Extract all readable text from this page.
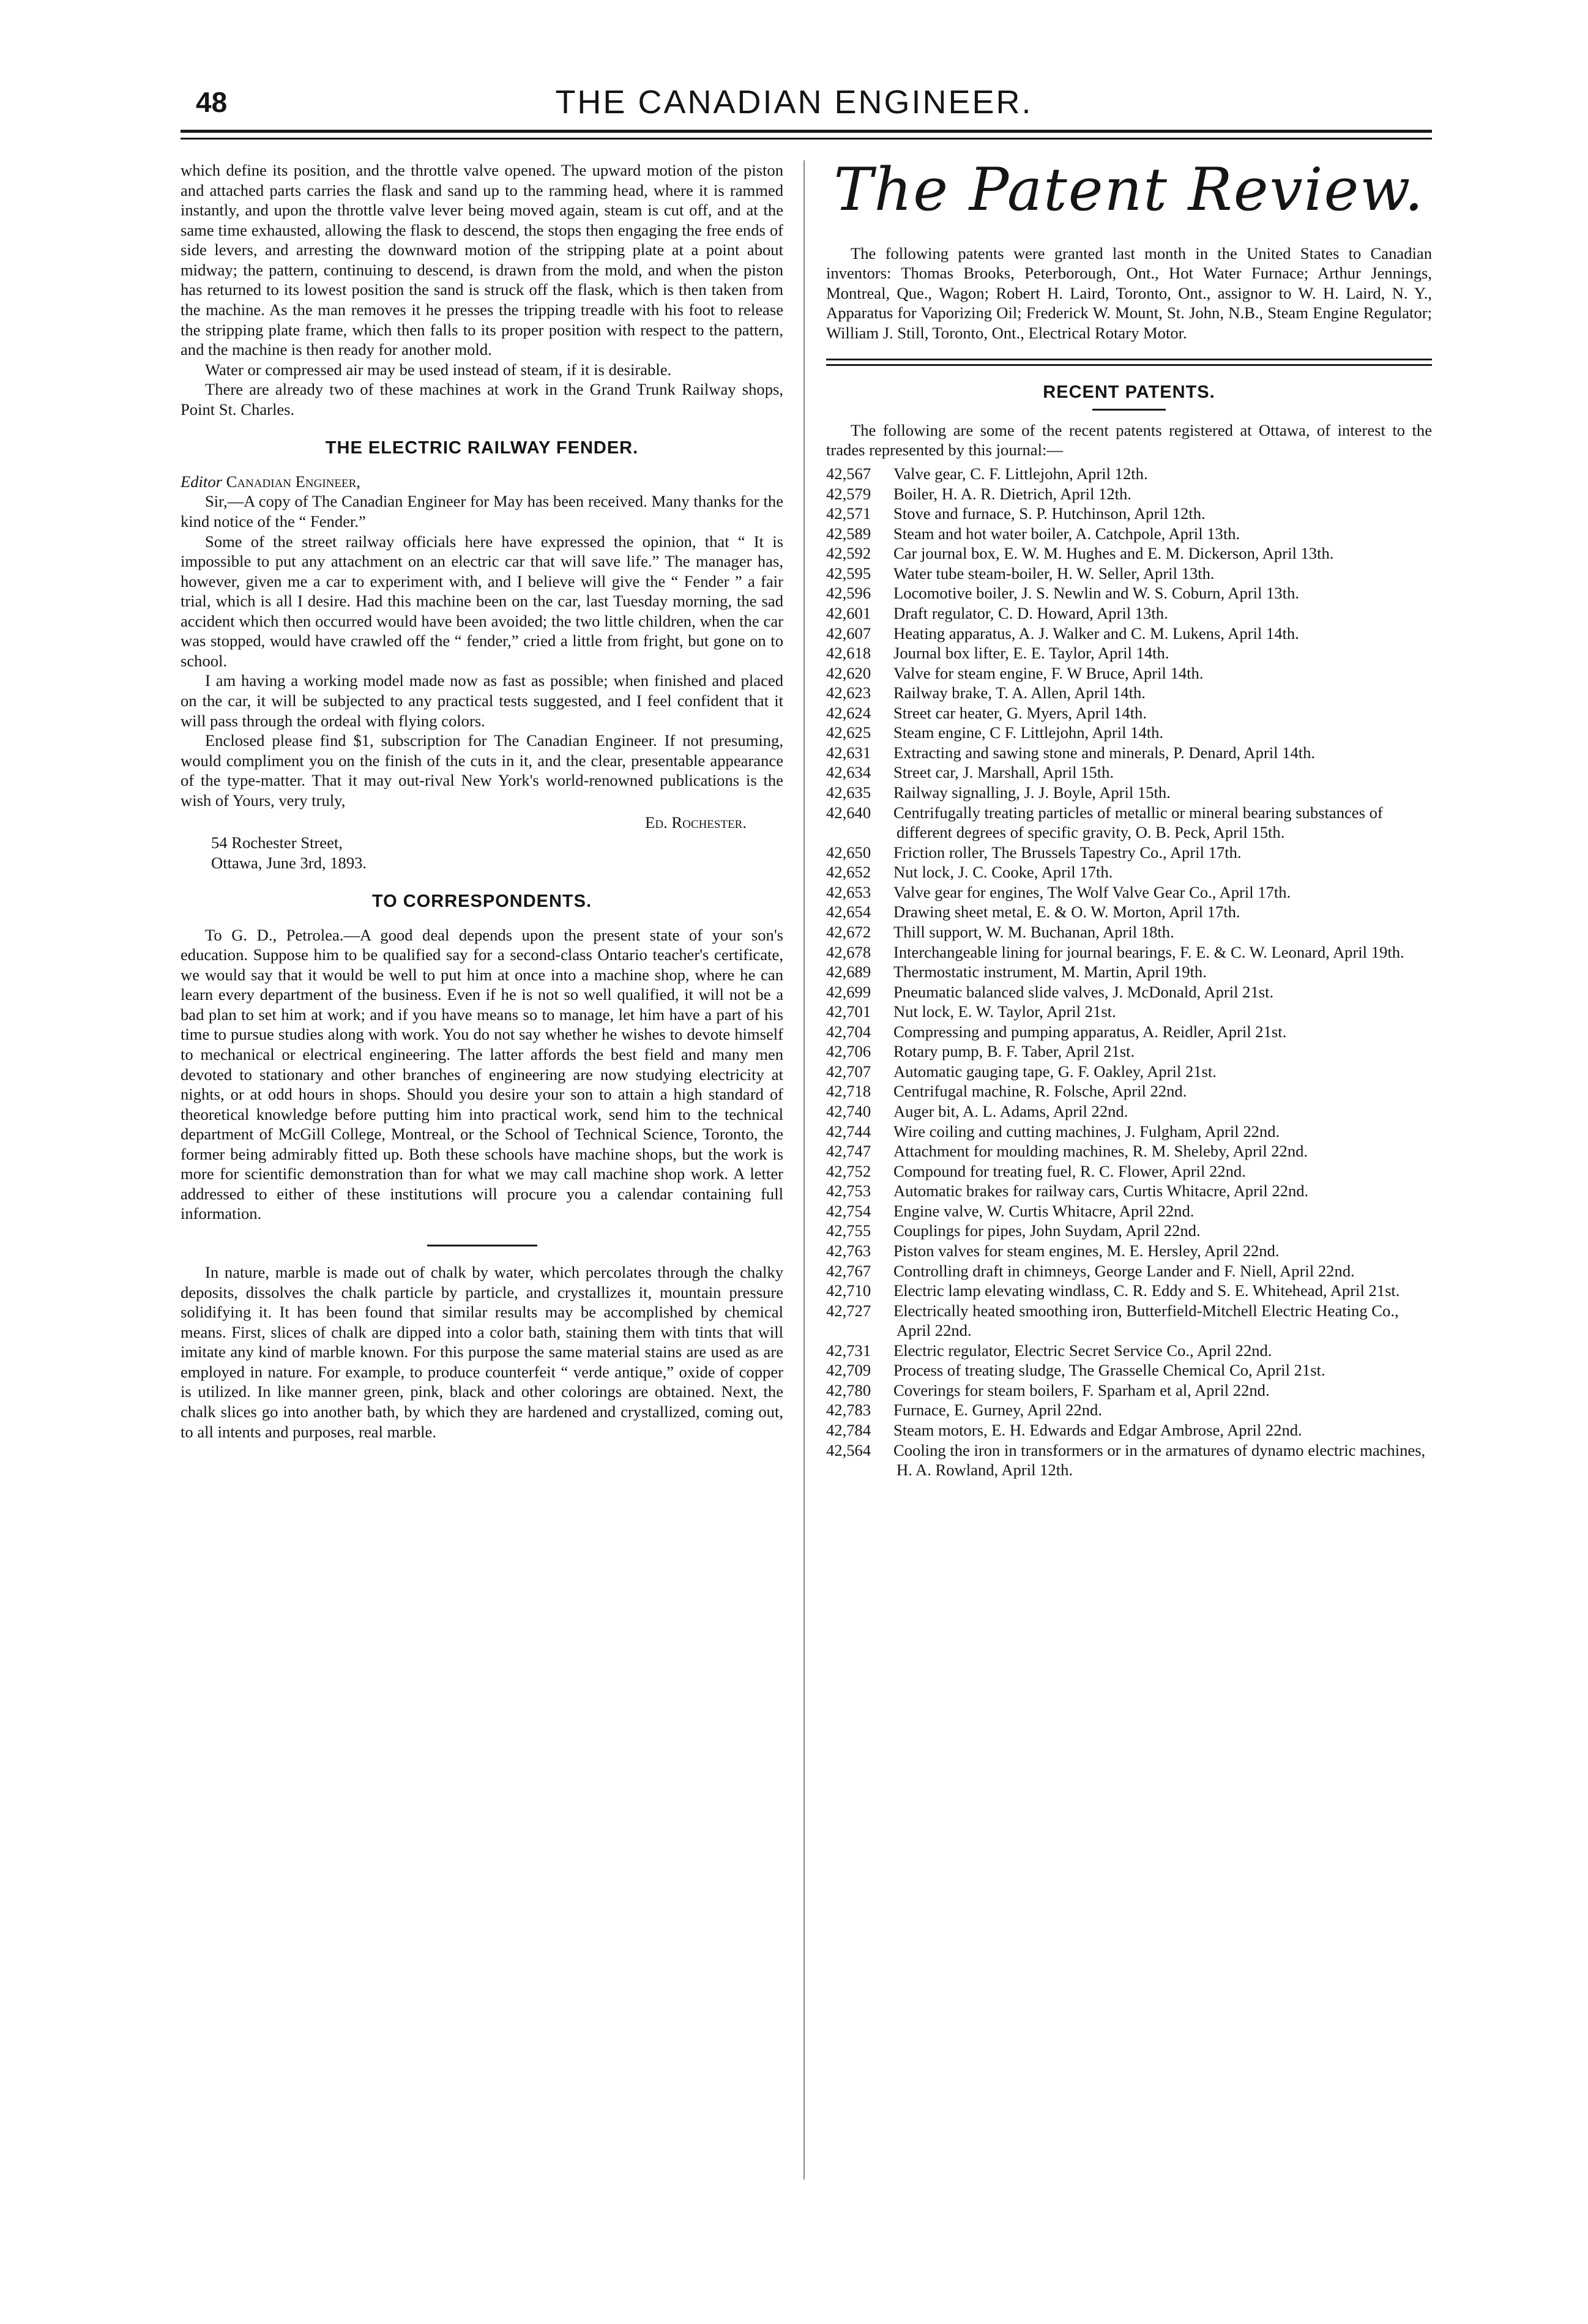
48	THE CANADIAN ENGINEER.

which define its position, and the throttle valve opened. The upward motion of the piston and attached parts carries the flask and sand up to the ramming head, where it is rammed instantly, and upon the throttle valve lever being moved again, steam is cut off, and at the same time exhausted, allowing the flask to descend, the stops then engaging the free ends of side levers, and arresting the downward motion of the stripping plate at a point about midway; the pattern, continuing to descend, is drawn from the mold, and when the piston has returned to its lowest position the sand is struck off the flask, which is then taken from the machine. As the man removes it he presses the tripping treadle with his foot to release the stripping plate frame, which then falls to its proper position with respect to the pattern, and the machine is then ready for another mold.

Water or compressed air may be used instead of steam, if it is desirable.

There are already two of these machines at work in the Grand Trunk Railway shops, Point St. Charles.

THE ELECTRIC RAILWAY FENDER.

Editor Canadian Engineer,

Sir,—A copy of The Canadian Engineer for May has been received. Many thanks for the kind notice of the “ Fender.”

Some of the street railway officials here have expressed the opinion, that “ It is impossible to put any attachment on an electric car that will save life.” The manager has, however, given me a car to experiment with, and I believe will give the “ Fender ” a fair trial, which is all I desire. Had this machine been on the car, last Tuesday morning, the sad accident which then occurred would have been avoided; the two little children, when the car was stopped, would have crawled off the “ fender,” cried a little from fright, but gone on to school.

I am having a working model made now as fast as possible; when finished and placed on the car, it will be subjected to any practical tests suggested, and I feel confident that it will pass through the ordeal with flying colors.

Enclosed please find $1, subscription for The Canadian Engineer. If not presuming, would compliment you on the finish of the cuts in it, and the clear, presentable appearance of the type-matter. That it may out-rival New York's world-renowned publications is the wish of Yours, very truly,

Ed. Rochester.

54 Rochester Street,

Ottawa, June 3rd, 1893.

TO CORRESPONDENTS.

To G. D., Petrolea.—A good deal depends upon the present state of your son's education. Suppose him to be qualified say for a second-class Ontario teacher's certificate, we would say that it would be well to put him at once into a machine shop, where he can learn every department of the business. Even if he is not so well qualified, it will not be a bad plan to set him at work; and if you have means so to manage, let him have a part of his time to pursue studies along with work. You do not say whether he wishes to devote himself to mechanical or electrical engineering. The latter affords the best field and many men devoted to stationary and other branches of engineering are now studying electricity at nights, or at odd hours in shops. Should you desire your son to attain a high standard of theoretical knowledge before putting him into practical work, send him to the technical department of McGill College, Montreal, or the School of Technical Science, Toronto, the former being admirably fitted up. Both these schools have machine shops, but the work is more for scientific demonstration than for what we may call machine shop work. A letter addressed to either of these institutions will procure you a calendar containing full information.

In nature, marble is made out of chalk by water, which percolates through the chalky deposits, dissolves the chalk particle by particle, and crystallizes it, mountain pressure solidifying it. It has been found that similar results may be accomplished by chemical means. First, slices of chalk are dipped into a color bath, staining them with tints that will imitate any kind of marble known. For this purpose the same material stains are used as are employed in nature. For example, to produce counterfeit “ verde antique,” oxide of copper is utilized. In like manner green, pink, black and other colorings are obtained. Next, the chalk slices go into another bath, by which they are hardened and crystallized, coming out, to all intents and purposes, real marble.

The Patent Review.

The following patents were granted last month in the United States to Canadian inventors: Thomas Brooks, Peterborough, Ont., Hot Water Furnace; Arthur Jennings, Montreal, Que., Wagon; Robert H. Laird, Toronto, Ont., assignor to W. H. Laird, N. Y., Apparatus for Vaporizing Oil; Frederick W. Mount, St. John, N.B., Steam Engine Regulator; William J. Still, Toronto, Ont., Electrical Rotary Motor.

RECENT PATENTS.

The following are some of the recent patents registered at Ottawa, of interest to the trades represented by this journal:—

42,567 Valve gear, C. F. Littlejohn, April 12th.
42,579 Boiler, H. A. R. Dietrich, April 12th.
42,571 Stove and furnace, S. P. Hutchinson, April 12th.
42,589 Steam and hot water boiler, A. Catchpole, April 13th.
42,592 Car journal box, E. W. M. Hughes and E. M. Dickerson, April 13th.
42,595 Water tube steam-boiler, H. W. Seller, April 13th.
42,596 Locomotive boiler, J. S. Newlin and W. S. Coburn, April 13th.
42,601 Draft regulator, C. D. Howard, April 13th.
42,607 Heating apparatus, A. J. Walker and C. M. Lukens, April 14th.
42,618 Journal box lifter, E. E. Taylor, April 14th.
42,620 Valve for steam engine, F. W Bruce, April 14th.
42,623 Railway brake, T. A. Allen, April 14th.
42,624 Street car heater, G. Myers, April 14th.
42,625 Steam engine, C F. Littlejohn, April 14th.
42,631 Extracting and sawing stone and minerals, P. Denard, April 14th.
42,634 Street car, J. Marshall, April 15th.
42,635 Railway signalling, J. J. Boyle, April 15th.
42,640 Centrifugally treating particles of metallic or mineral bearing substances of different degrees of specific gravity, O. B. Peck, April 15th.
42,650 Friction roller, The Brussels Tapestry Co., April 17th.
42,652 Nut lock, J. C. Cooke, April 17th.
42,653 Valve gear for engines, The Wolf Valve Gear Co., April 17th.
42,654 Drawing sheet metal, E. & O. W. Morton, April 17th.
42,672 Thill support, W. M. Buchanan, April 18th.
42,678 Interchangeable lining for journal bearings, F. E. & C. W. Leonard, April 19th.
42,689 Thermostatic instrument, M. Martin, April 19th.
42,699 Pneumatic balanced slide valves, J. McDonald, April 21st.
42,701 Nut lock, E. W. Taylor, April 21st.
42,704 Compressing and pumping apparatus, A. Reidler, April 21st.
42,706 Rotary pump, B. F. Taber, April 21st.
42,707 Automatic gauging tape, G. F. Oakley, April 21st.
42,718 Centrifugal machine, R. Folsche, April 22nd.
42,740 Auger bit, A. L. Adams, April 22nd.
42,744 Wire coiling and cutting machines, J. Fulgham, April 22nd.
42,747 Attachment for moulding machines, R. M. Sheleby, April 22nd.
42,752 Compound for treating fuel, R. C. Flower, April 22nd.
42,753 Automatic brakes for railway cars, Curtis Whitacre, April 22nd.
42,754 Engine valve, W. Curtis Whitacre, April 22nd.
42,755 Couplings for pipes, John Suydam, April 22nd.
42,763 Piston valves for steam engines, M. E. Hersley, April 22nd.
42,767 Controlling draft in chimneys, George Lander and F. Niell, April 22nd.
42,710 Electric lamp elevating windlass, C. R. Eddy and S. E. Whitehead, April 21st.
42,727 Electrically heated smoothing iron, Butterfield-Mitchell Electric Heating Co., April 22nd.
42,731 Electric regulator, Electric Secret Service Co., April 22nd.
42,709 Process of treating sludge, The Grasselle Chemical Co, April 21st.
42,780 Coverings for steam boilers, F. Sparham et al, April 22nd.
42,783 Furnace, E. Gurney, April 22nd.
42,784 Steam motors, E. H. Edwards and Edgar Ambrose, April 22nd.
42,564 Cooling the iron in transformers or in the armatures of dynamo electric machines, H. A. Rowland, April 12th.
